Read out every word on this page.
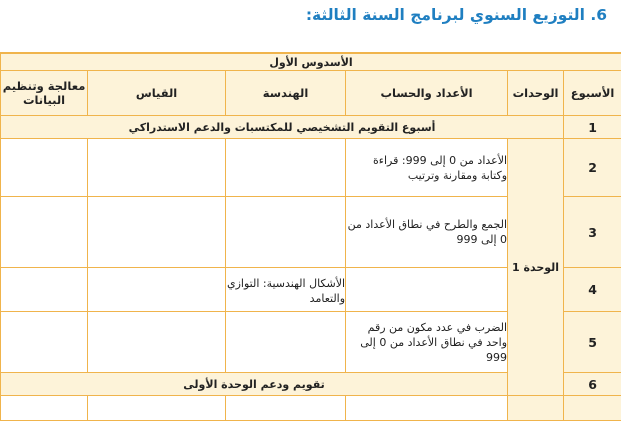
6. التوزيع السنوي لبرنامج السنة الثالثة:
الأسدوس الأول					
الأسبوع	الوحدات	الأعداد والحساب	الهندسة	القياس	معالجة وتنظيم البيانات
1	أسبوع التقويم التشخيصي للمكتسبات والدعم الاستدراكي				
2	الوحدة 1	الأعداد من 0 إلى 999: قراءة وكتابة ومقارنة وترتيب			
3		الجمع والطرح في نطاق الأعداد من 0 إلى 999			
4			الأشكال الهندسية: التوازي والتعامد		
5		الضرب في عدد مكون من رقم واحد في نطاق الأعداد من 0 إلى 999			
6		تقويم ودعم الوحدة الأولى			
